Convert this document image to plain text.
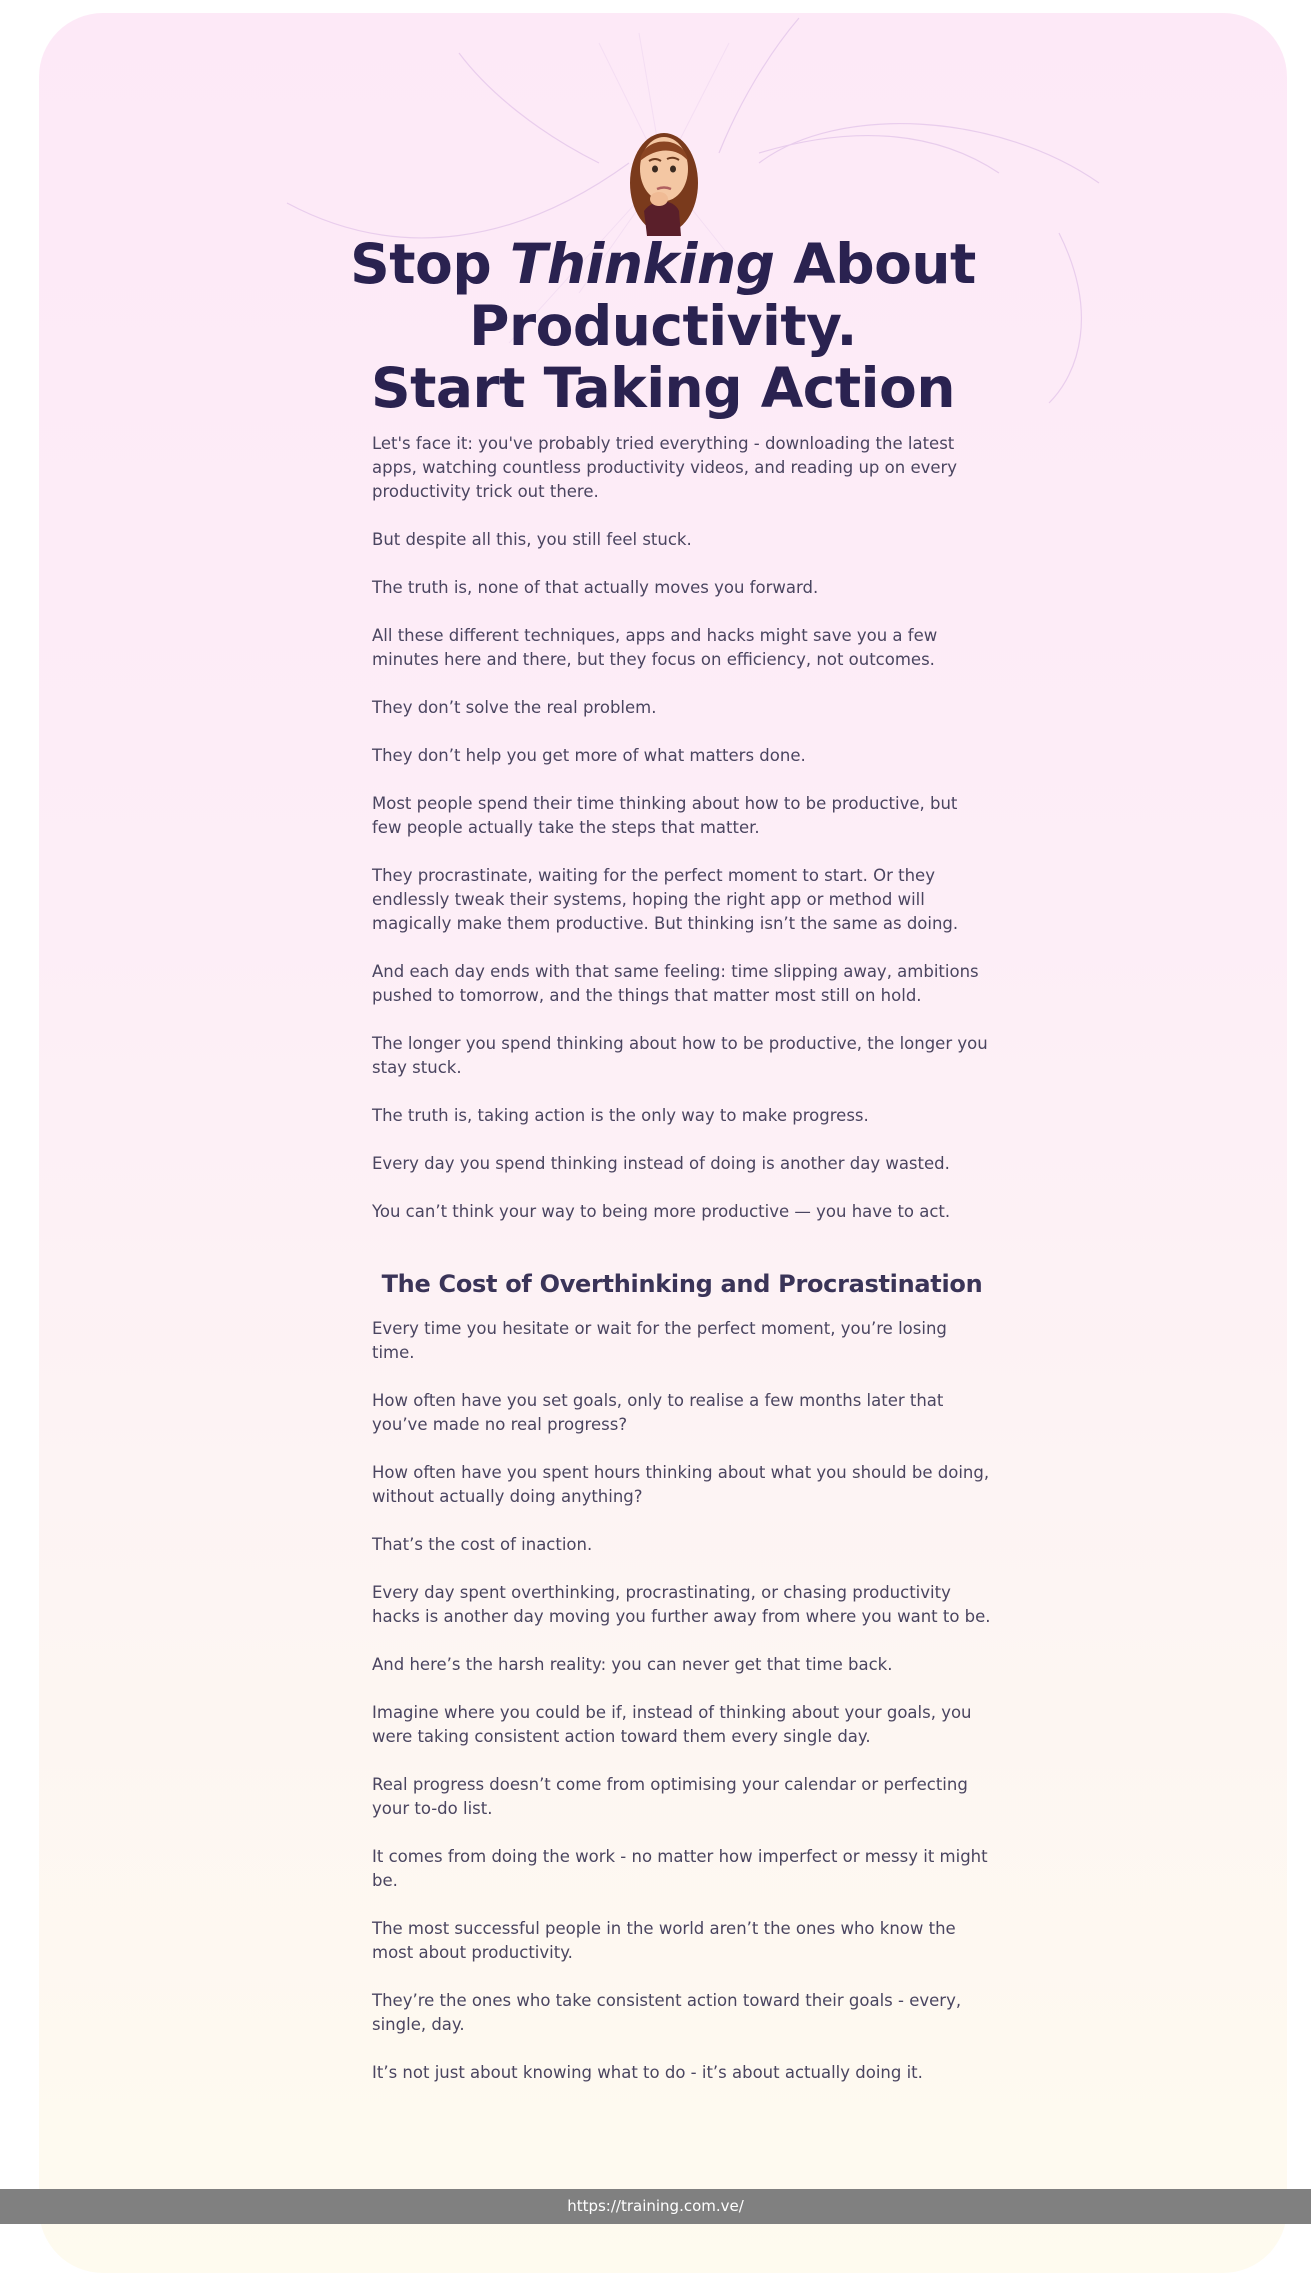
Stop Thinking About
Productivity.
Start Taking Action

Let's face it: you've probably tried everything - downloading the latest apps, watching countless productivity videos, and reading up on every productivity trick out there.

But despite all this, you still feel stuck.

The truth is, none of that actually moves you forward.

All these different techniques, apps and hacks might save you a few minutes here and there, but they focus on efficiency, not outcomes.

They don’t solve the real problem.

They don’t help you get more of what matters done.

Most people spend their time thinking about how to be productive, but few people actually take the steps that matter.

They procrastinate, waiting for the perfect moment to start. Or they endlessly tweak their systems, hoping the right app or method will magically make them productive. But thinking isn’t the same as doing.

And each day ends with that same feeling: time slipping away, ambitions pushed to tomorrow, and the things that matter most still on hold.

The longer you spend thinking about how to be productive, the longer you stay stuck.

The truth is, taking action is the only way to make progress.

Every day you spend thinking instead of doing is another day wasted.

You can’t think your way to being more productive — you have to act.

The Cost of Overthinking and Procrastination

Every time you hesitate or wait for the perfect moment, you’re losing time.

How often have you set goals, only to realise a few months later that you’ve made no real progress?

How often have you spent hours thinking about what you should be doing, without actually doing anything?

That’s the cost of inaction.

Every day spent overthinking, procrastinating, or chasing productivity hacks is another day moving you further away from where you want to be.

And here’s the harsh reality: you can never get that time back.

Imagine where you could be if, instead of thinking about your goals, you were taking consistent action toward them every single day.

Real progress doesn’t come from optimising your calendar or perfecting your to-do list.

It comes from doing the work - no matter how imperfect or messy it might be.

The most successful people in the world aren’t the ones who know the most about productivity.

They’re the ones who take consistent action toward their goals - every, single, day.

It’s not just about knowing what to do - it’s about actually doing it.

https://training.com.ve/
